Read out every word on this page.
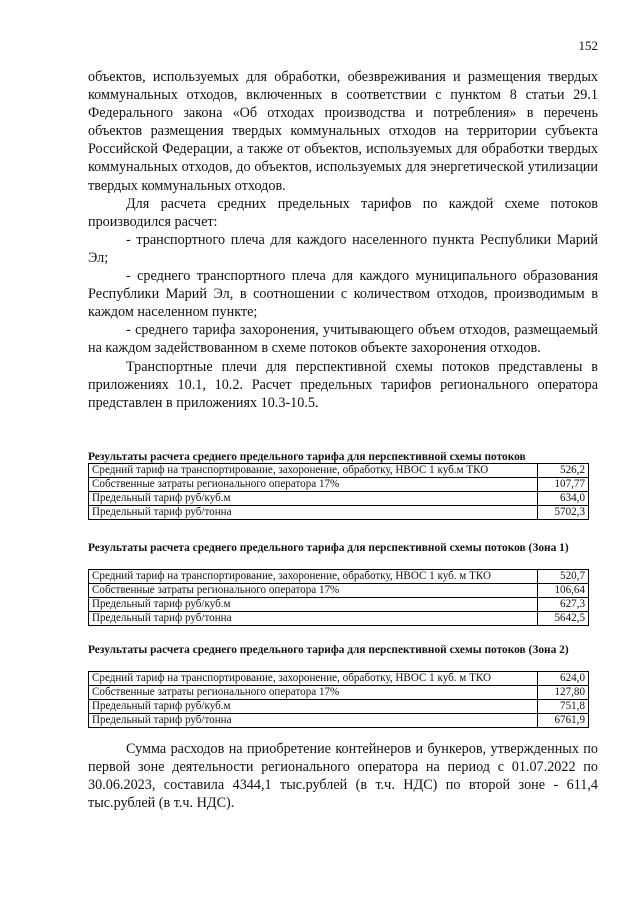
152

объектов, используемых для обработки, обезвреживания и размещения твердых коммунальных отходов, включенных в соответствии с пунктом 8 статьи 29.1 Федерального закона «Об отходах производства и потребления» в перечень объектов размещения твердых коммунальных отходов на территории субъекта Российской Федерации, а также от объектов, используемых для обработки твердых коммунальных отходов, до объектов, используемых для энергетической утилизации твердых коммунальных отходов.

Для расчета средних предельных тарифов по каждой схеме потоков производился расчет:

- транспортного плеча для каждого населенного пункта Республики Марий Эл;

- среднего транспортного плеча для каждого муниципального образования Республики Марий Эл, в соотношении с количеством отходов, производимым в каждом населенном пункте;

- среднего тарифа захоронения, учитывающего объем отходов, размещаемый на каждом задействованном в схеме потоков объекте захоронения отходов.

Транспортные плечи для перспективной схемы потоков представлены в приложениях 10.1, 10.2. Расчет предельных тарифов регионального оператора представлен в приложениях 10.3-10.5.

Результаты расчета среднего предельного тарифа для перспективной схемы потоков
Средний тариф на транспортирование, захоронение, обработку, НВОС 1 куб.м ТКО	526,2
Собственные затраты регионального оператора 17%	107,77
Предельный тариф руб/куб.м	634,0
Предельный тариф руб/тонна	5702,3
Результаты расчета среднего предельного тарифа для перспективной схемы потоков (Зона 1)
Средний тариф на транспортирование, захоронение, обработку, НВОС 1 куб. м ТКО	520,7
Собственные затраты регионального оператора 17%	106,64
Предельный тариф руб/куб.м	627,3
Предельный тариф руб/тонна	5642,5
Результаты расчета среднего предельного тарифа для перспективной схемы потоков (Зона 2)
Средний тариф на транспортирование, захоронение, обработку, НВОС 1 куб. м ТКО	624,0
Собственные затраты регионального оператора 17%	127,80
Предельный тариф руб/куб.м	751,8
Предельный тариф руб/тонна	6761,9

Сумма расходов на приобретение контейнеров и бункеров, утвержденных по первой зоне деятельности регионального оператора на период с 01.07.2022 по 30.06.2023, составила 4344,1 тыс.рублей (в т.ч. НДС) по второй зоне - 611,4 тыс.рублей (в т.ч. НДС).
